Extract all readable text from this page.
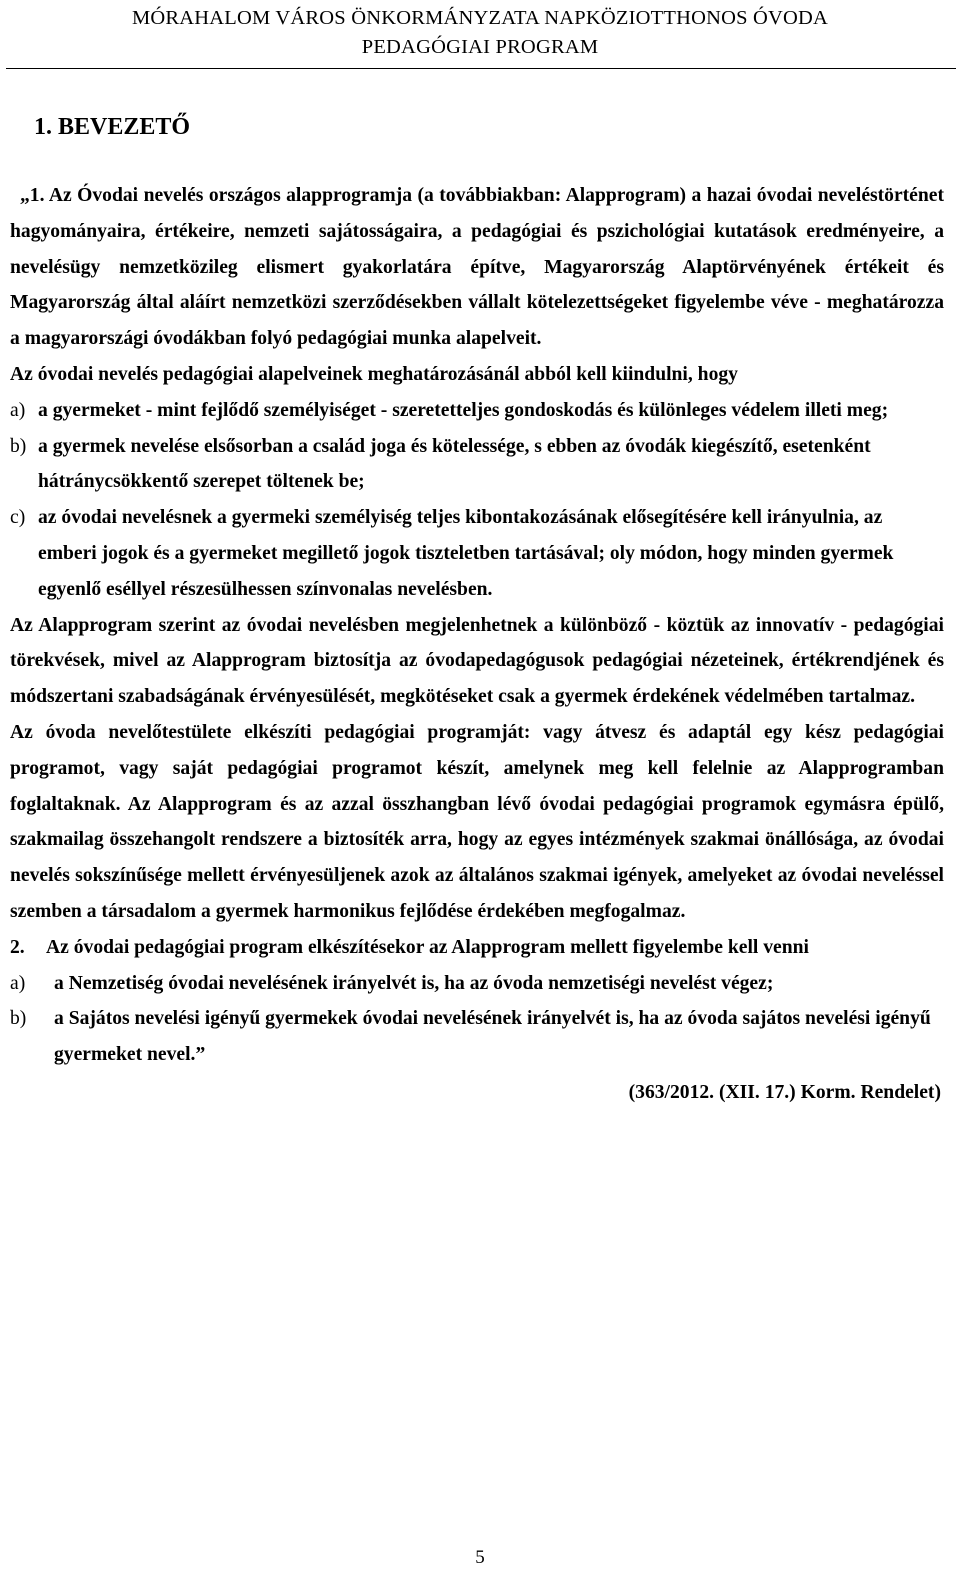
MÓRAHALOM VÁROS ÖNKORMÁNYZATA NAPKÖZIOTTHONOS ÓVODA
PEDAGÓGIAI PROGRAM
1. BEVEZETŐ

„1. Az Óvodai nevelés országos alapprogramja (a továbbiakban: Alapprogram) a hazai óvodai neveléstörténet hagyományaira, értékeire, nemzeti sajátosságaira, a pedagógiai és pszichológiai kutatások eredményeire, a nevelésügy nemzetközileg elismert gyakorlatára építve, Magyarország Alaptörvényének értékeit és Magyarország által aláírt nemzetközi szerződésekben vállalt kötelezettségeket figyelembe véve - meghatározza a magyarországi óvodákban folyó pedagógiai munka alapelveit.

Az óvodai nevelés pedagógiai alapelveinek meghatározásánál abból kell kiindulni, hogy

a) a gyermeket - mint fejlődő személyiséget - szeretetteljes gondoskodás és különleges védelem illeti meg;
b) a gyermek nevelése elsősorban a család joga és kötelessége, s ebben az óvodák kiegészítő, esetenként hátránycsökkentő szerepet töltenek be;
c) az óvodai nevelésnek a gyermeki személyiség teljes kibontakozásának elősegítésére kell irányulnia, az emberi jogok és a gyermeket megillető jogok tiszteletben tartásával; oly módon, hogy minden gyermek egyenlő eséllyel részesülhessen színvonalas nevelésben.

Az Alapprogram szerint az óvodai nevelésben megjelenhetnek a különböző - köztük az innovatív - pedagógiai törekvések, mivel az Alapprogram biztosítja az óvodapedagógusok pedagógiai nézeteinek, értékrendjének és módszertani szabadságának érvényesülését, megkötéseket csak a gyermek érdekének védelmében tartalmaz.

Az óvoda nevelőtestülete elkészíti pedagógiai programját: vagy átvesz és adaptál egy kész pedagógiai programot, vagy saját pedagógiai programot készít, amelynek meg kell felelnie az Alapprogramban foglaltaknak. Az Alapprogram és az azzal összhangban lévő óvodai pedagógiai programok egymásra épülő, szakmailag összehangolt rendszere a biztosíték arra, hogy az egyes intézmények szakmai önállósága, az óvodai nevelés sokszínűsége mellett érvényesüljenek azok az általános szakmai igények, amelyeket az óvodai neveléssel szemben a társadalom a gyermek harmonikus fejlődése érdekében megfogalmaz.

2.	Az óvodai pedagógiai program elkészítésekor az Alapprogram mellett figyelembe kell venni
a)	a Nemzetiség óvodai nevelésének irányelvét is, ha az óvoda nemzetiségi nevelést végez;
b)	a Sajátos nevelési igényű gyermekek óvodai nevelésének irányelvét is, ha az óvoda sajátos nevelési igényű gyermeket nevel.”
(363/2012. (XII. 17.) Korm. Rendelet)
5
